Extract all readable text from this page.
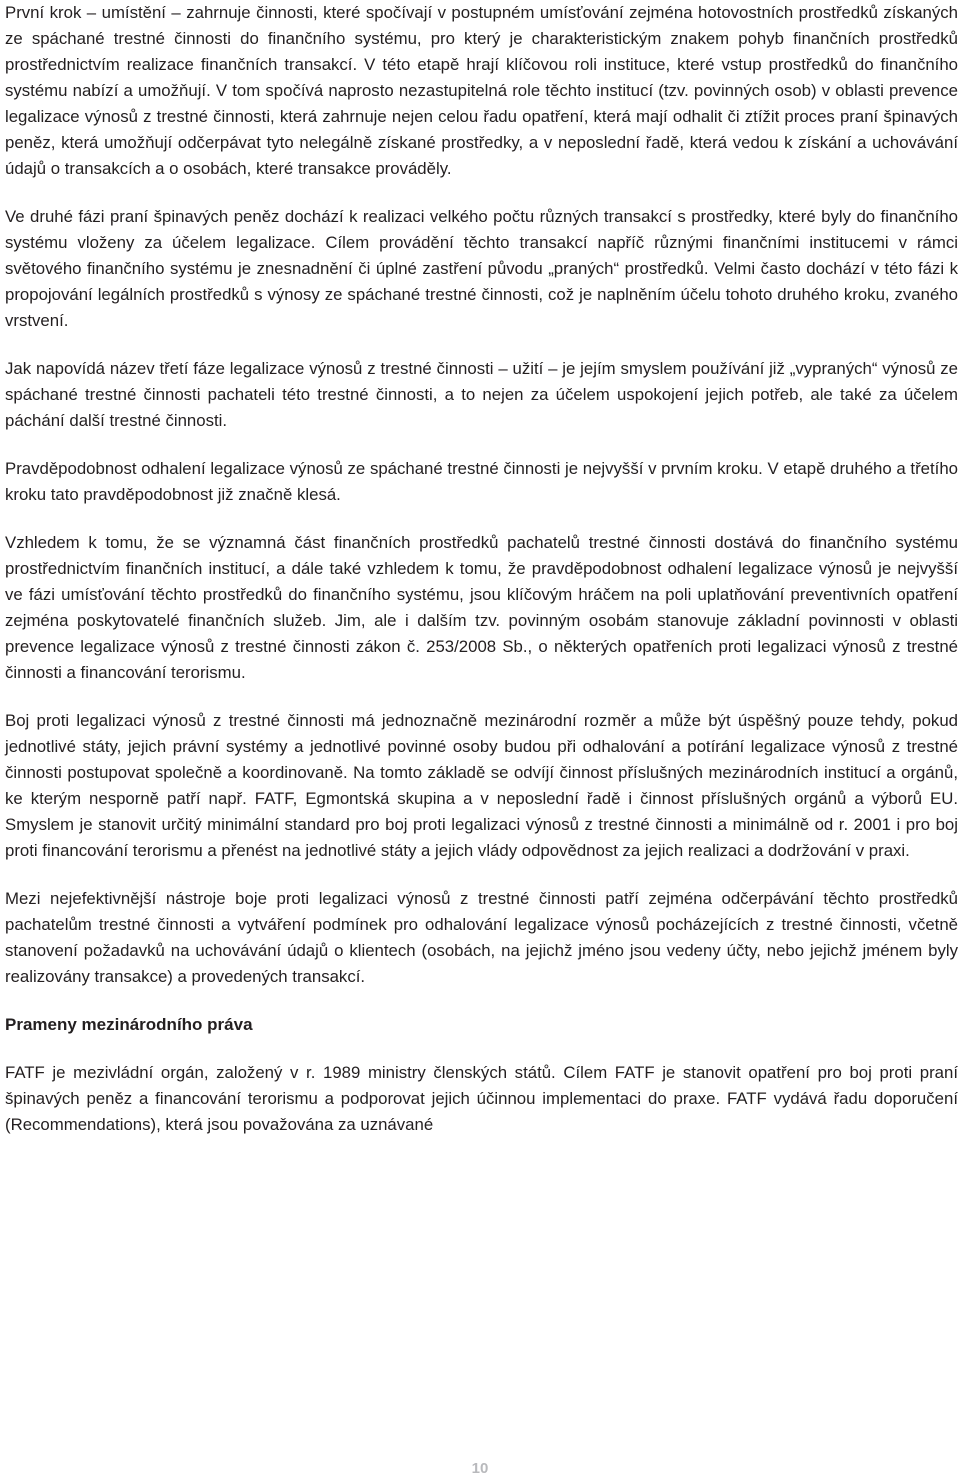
První krok – umístění – zahrnuje činnosti, které spočívají v postupném umísťování zejména hotovostních prostředků získaných ze spáchané trestné činnosti do finančního systému, pro který je charakteristickým znakem pohyb finančních prostředků prostřednictvím realizace finančních transakcí. V této etapě hrají klíčovou roli instituce, které vstup prostředků do finančního systému nabízí a umožňují. V tom spočívá naprosto nezastupitelná role těchto institucí (tzv. povinných osob) v oblasti prevence legalizace výnosů z trestné činnosti, která zahrnuje nejen celou řadu opatření, která mají odhalit či ztížit proces praní špinavých peněz, která umožňují odčerpávat tyto nelegálně získané prostředky, a v neposlední řadě, která vedou k získání a uchovávání údajů o transakcích a o osobách, které transakce prováděly.

Ve druhé fázi praní špinavých peněz dochází k realizaci velkého počtu různých transakcí s prostředky, které byly do finančního systému vloženy za účelem legalizace. Cílem provádění těchto transakcí napříč různými finančními institucemi v rámci světového finančního systému je znesnadnění či úplné zastření původu „praných“ prostředků. Velmi často dochází v této fázi k propojování legálních prostředků s výnosy ze spáchané trestné činnosti, což je naplněním účelu tohoto druhého kroku, zvaného vrstvení.

Jak napovídá název třetí fáze legalizace výnosů z trestné činnosti – užití – je jejím smyslem používání již „vypraných“ výnosů ze spáchané trestné činnosti pachateli této trestné činnosti, a to nejen za účelem uspokojení jejich potřeb, ale také za účelem páchání další trestné činnosti.

Pravděpodobnost odhalení legalizace výnosů ze spáchané trestné činnosti je nejvyšší v prvním kroku. V etapě druhého a třetího kroku tato pravděpodobnost již značně klesá.

Vzhledem k tomu, že se významná část finančních prostředků pachatelů trestné činnosti dostává do finančního systému prostřednictvím finančních institucí, a dále také vzhledem k tomu, že pravděpodobnost odhalení legalizace výnosů je nejvyšší ve fázi umísťování těchto prostředků do finančního systému, jsou klíčovým hráčem na poli uplatňování preventivních opatření zejména poskytovatelé finančních služeb. Jim, ale i dalším tzv. povinným osobám stanovuje základní povinnosti v oblasti prevence legalizace výnosů z trestné činnosti zákon č. 253/2008 Sb., o některých opatřeních proti legalizaci výnosů z trestné činnosti a financování terorismu.

Boj proti legalizaci výnosů z trestné činnosti má jednoznačně mezinárodní rozměr a může být úspěšný pouze tehdy, pokud jednotlivé státy, jejich právní systémy a jednotlivé povinné osoby budou při odhalování a potírání legalizace výnosů z trestné činnosti postupovat společně a koordinovaně. Na tomto základě se odvíjí činnost příslušných mezinárodních institucí a orgánů, ke kterým nesporně patří např. FATF, Egmontská skupina a v neposlední řadě i činnost příslušných orgánů a výborů EU. Smyslem je stanovit určitý minimální standard pro boj proti legalizaci výnosů z trestné činnosti a minimálně od r. 2001 i pro boj proti financování terorismu a přenést na jednotlivé státy a jejich vlády odpovědnost za jejich realizaci a dodržování v praxi.

Mezi nejefektivnější nástroje boje proti legalizaci výnosů z trestné činnosti patří zejména odčerpávání těchto prostředků pachatelům trestné činnosti a vytváření podmínek pro odhalování legalizace výnosů pocházejících z trestné činnosti, včetně stanovení požadavků na uchovávání údajů o klientech (osobách, na jejichž jméno jsou vedeny účty, nebo jejichž jménem byly realizovány transakce) a provedených transakcí.

Prameny mezinárodního práva

FATF je mezivládní orgán, založený v r. 1989 ministry členských států. Cílem FATF je stanovit opatření pro boj proti praní špinavých peněz a financování terorismu a podporovat jejich účinnou implementaci do praxe. FATF vydává řadu doporučení (Recommendations), která jsou považována za uznávané

10
